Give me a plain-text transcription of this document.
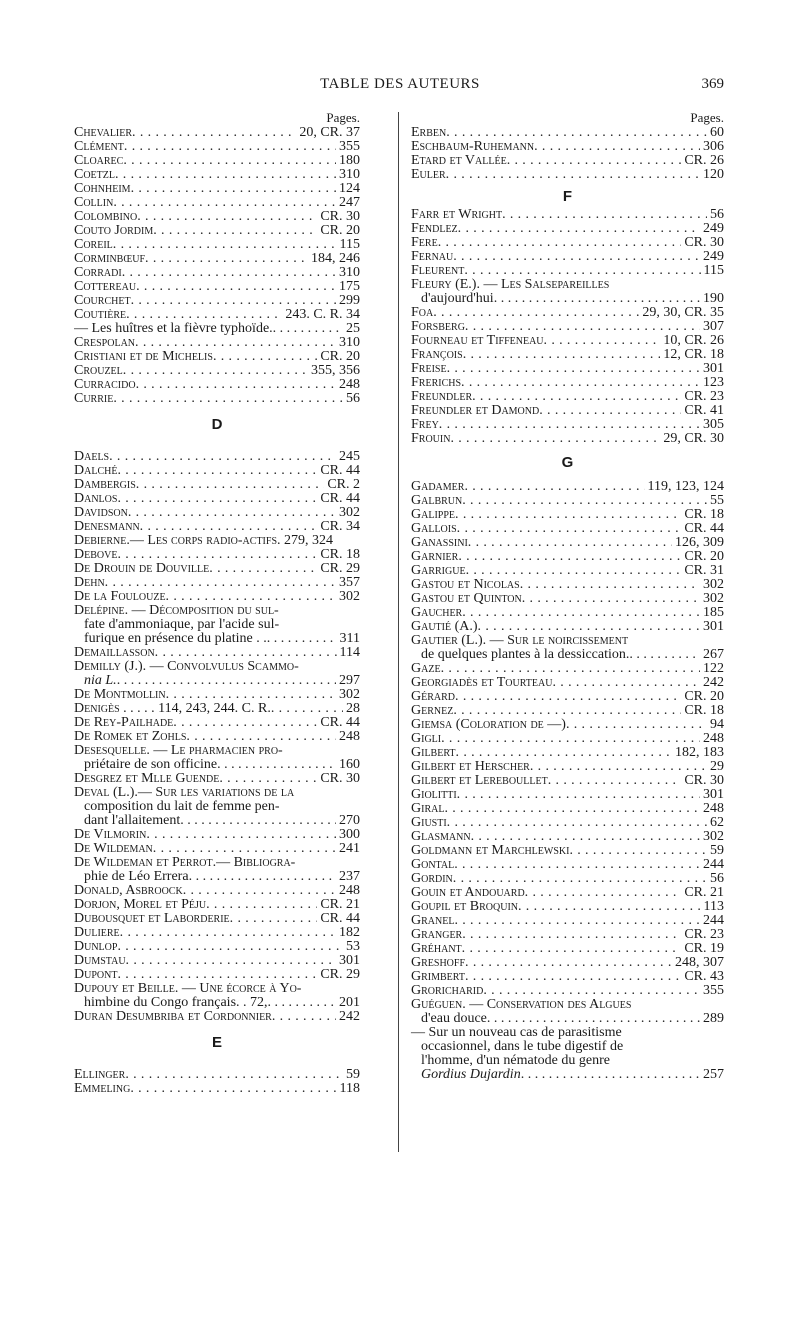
TABLE DES AUTEURS	369
Pages.
Chevalier . . .	20, CR. 37
Clément . . .	355
Cloarec . . .	180
Coetzl . . .	310
Cohnheim . . .	124
Collin . . .	247
Colombino . . .	CR. 30
Couto Jordim . . .	CR. 20
Coreil . . .	115
Corminbœuf . . .	184, 246
Corradi . . .	310
Cottereau . . .	175
Courchet . . .	299
Coutière . . .	243. C. R. 34
— Les huîtres et la fièvre typhoïde. . . .	25
Crespolan . . .	310
Cristiani et de Michelis . . .	CR. 20
Crouzel . . .	355, 356
Curracido . . .	248
Currie . . .	56
D
Daels . . .	245
Dalché . . .	CR. 44
Dambergis . . .	CR. 2
Danlos . . .	CR. 44
Davidson . . .	302
Denesmann . . .	CR. 34
Debierne.— Les corps radio-actifs. 279, 324
Debove . . .	CR. 18
De Drouin de Douville . . .	CR. 29
Dehn . . .	357
De la Foulouze . . .	302
Delépine. — Décomposition du sul-
fate d'ammoniaque, par l'acide sul-
furique en présence du platine . . . . .	311
Demaillasson . . .	114
Demilly (J.). — Convolvulus Scammo-
nia L. . . .	297
De Montmollin . . .	302
Denigès . . . . . 114, 243, 244. C. R. . . .	28
De Rey-Pailhade . . .	CR. 44
De Romek et Zohls . . .	248
Desesquelle. — Le pharmacien pro-
priétaire de son officine . . .	160
Desgrez et Mlle Guende . . .	CR. 30
Deval (L.).— Sur les variations de la
composition du lait de femme pen-
dant l'allaitement . . .	270
De Vilmorin . . .	300
De Wildeman . . .	241
De Wildeman et Perrot.— Bibliogra-
phie de Léo Errera . . .	237
Donald, Asbroock . . .	248
Dorjon, Morel et Péju . . .	CR. 21
Dubousquet et Laborderie . . .	CR. 44
Duliere . . .	182
Dunlop . . .	53
Dumstau . . .	301
Dupont . . .	CR. 29
Dupouy et Beille. — Une écorce à Yo-
himbine du Congo français. . 72, . . .	201
Duran Desumbriba et Cordonnier . . .	242
E
Ellinger . . .	59
Emmeling . . .	118
Pages.
Erben . . .	60
Eschbaum-Ruhemann . . .	306
Etard et Vallée . . .	CR. 26
Euler . . .	120
F
Farr et Wright . . .	56
Fendlez . . .	249
Fere . . .	CR. 30
Fernau . . .	249
Fleurent . . .	115
Fleury (E.). — Les Salsepareilles
d'aujourd'hui . . .	190
Foa . . .	29, 30, CR. 35
Forsberg . . .	307
Fourneau et Tiffeneau . . .	10, CR. 26
François . . .	12, CR. 18
Freise . . .	301
Frerichs . . .	123
Freundler . . .	CR. 23
Freundler et Damond . . .	CR. 41
Frey . . .	305
Frouin . . .	29, CR. 30
G
Gadamer . . .	119, 123, 124
Galbrun . . .	55
Galippe . . .	CR. 18
Gallois . . .	CR. 44
Ganassini . . .	126, 309
Garnier . . .	CR. 20
Garrigue . . .	CR. 31
Gastou et Nicolas . . .	302
Gastou et Quinton . . .	302
Gaucher . . .	185
Gautié (A.) . . .	301
Gautier (L.). — Sur le noircissement
de quelques plantes à la dessiccation. . . .	267
Gaze . . .	122
Georgiadès et Tourteau . . .	242
Gérard . . .	CR. 20
Gernez . . .	CR. 18
Giemsa (Coloration de —) . . .	94
Gigli . . .	248
Gilbert . . .	182, 183
Gilbert et Herscher . . .	29
Gilbert et Lereboullet . . .	CR. 30
Giolitti . . .	301
Giral . . .	248
Giusti . . .	62
Glasmann . . .	302
Goldmann et Marchlewski . . .	59
Gontal . . .	244
Gordin . . .	56
Gouin et Andouard . . .	CR. 21
Goupil et Broquin . . .	113
Granel . . .	244
Granger . . .	CR. 23
Gréhant . . .	CR. 19
Greshoff . . .	248, 307
Grimbert . . .	CR. 43
Groricharid . . .	355
Guéguen. — Conservation des Algues
d'eau douce . . .	289
— Sur un nouveau cas de parasitisme
occasionnel, dans le tube digestif de
l'homme, d'un nématode du genre
Gordius Dujardin . . .	257
